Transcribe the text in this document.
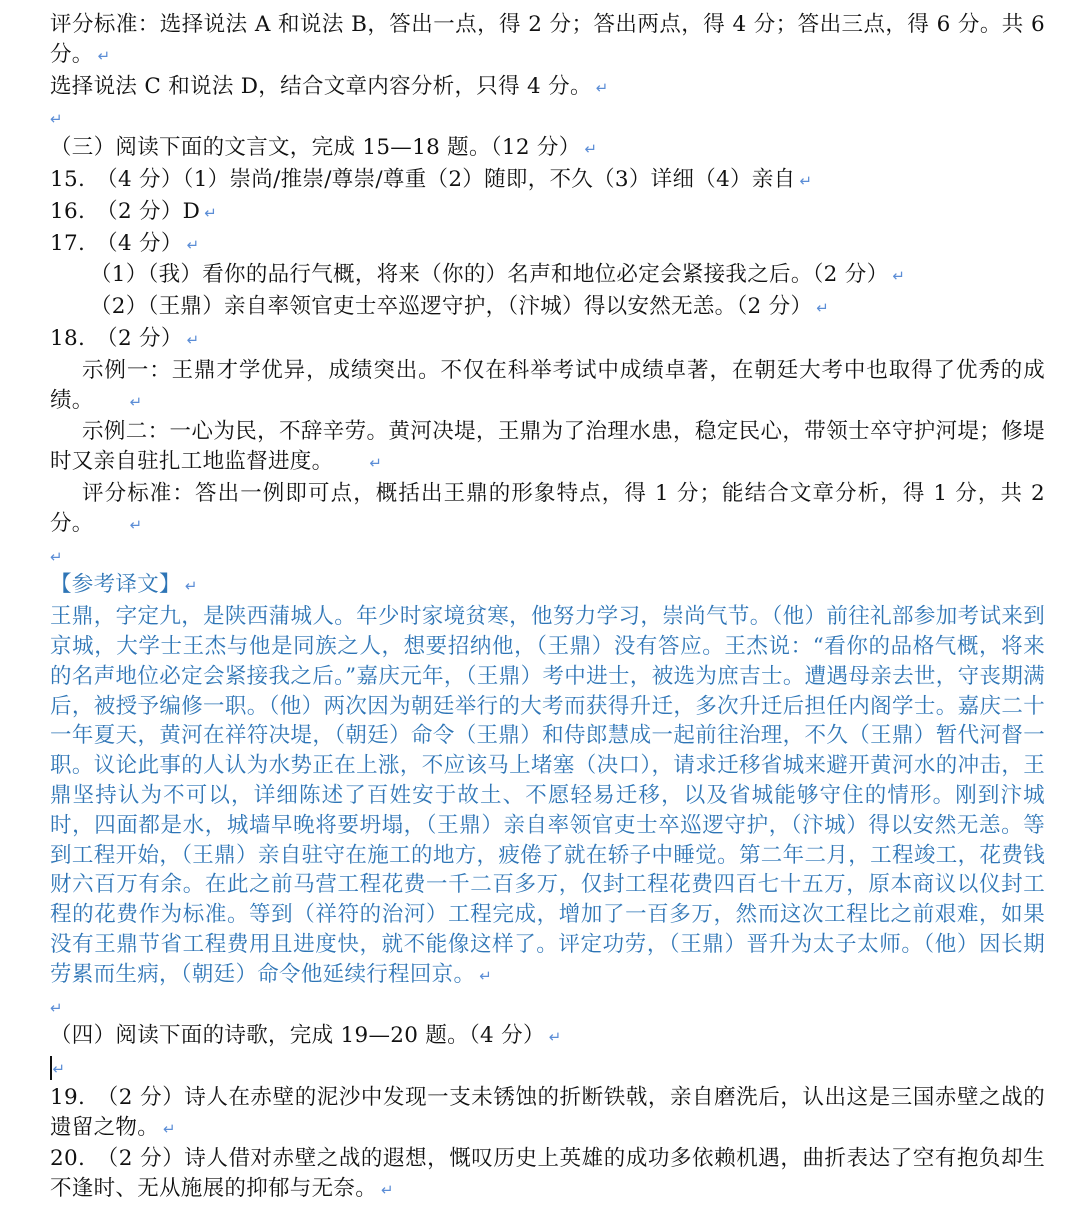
评分标准：选择说法 A 和说法 B，答出一点，得 2 分；答出两点，得 4 分；答出三点，得 6 分。共 6 分。 ↵

选择说法 C 和说法 D，结合文章内容分析，只得 4 分。 ↵

↵

（三）阅读下面的文言文，完成 15—18 题。（12 分） ↵

15.　（4 分）（1）崇尚/推崇/尊崇/尊重（2）随即，不久（3）详细（4）亲自 ↵

16.　（2 分）D ↵

17.　（4 分） ↵

（1）（我）看你的品行气概，将来（你的）名声和地位必定会紧接我之后。（2 分） ↵

（2）（王鼎）亲自率领官吏士卒巡逻守护，（汴城）得以安然无恙。（2 分） ↵

18.　（2 分） ↵

示例一：王鼎才学优异，成绩突出。不仅在科举考试中成绩卓著，在朝廷大考中也取得了优秀的成绩。 ↵

示例二：一心为民，不辞辛劳。黄河决堤，王鼎为了治理水患，稳定民心，带领士卒守护河堤；修堤时又亲自驻扎工地监督进度。 ↵

评分标准：答出一例即可点，概括出王鼎的形象特点，得 1 分；能结合文章分析，得 1 分，共 2 分。 ↵

↵

【参考译文】 ↵

王鼎，字定九，是陕西蒲城人。年少时家境贫寒，他努力学习，崇尚气节。（他）前往礼部参加考试来到京城，大学士王杰与他是同族之人，想要招纳他，（王鼎）没有答应。王杰说：“看你的品格气概，将来的名声地位必定会紧接我之后。”嘉庆元年，（王鼎）考中进士，被选为庶吉士。遭遇母亲去世，守丧期满后，被授予编修一职。（他）两次因为朝廷举行的大考而获得升迁，多次升迁后担任内阁学士。嘉庆二十一年夏天，黄河在祥符决堤，（朝廷）命令（王鼎）和侍郎慧成一起前往治理，不久（王鼎）暂代河督一职。议论此事的人认为水势正在上涨，不应该马上堵塞（决口），请求迁移省城来避开黄河水的冲击，王鼎坚持认为不可以，详细陈述了百姓安于故土、不愿轻易迁移，以及省城能够守住的情形。刚到汴城时，四面都是水，城墙早晚将要坍塌，（王鼎）亲自率领官吏士卒巡逻守护，（汴城）得以安然无恙。等到工程开始，（王鼎）亲自驻守在施工的地方，疲倦了就在轿子中睡觉。第二年二月，工程竣工，花费钱财六百万有余。在此之前马营工程花费一千二百多万，仅封工程花费四百七十五万，原本商议以仪封工程的花费作为标准。等到（祥符的治河）工程完成，增加了一百多万，然而这次工程比之前艰难，如果没有王鼎节省工程费用且进度快，就不能像这样了。评定功劳，（王鼎）晋升为太子太师。（他）因长期劳累而生病，（朝廷）命令他延续行程回京。 ↵

↵

（四）阅读下面的诗歌，完成 19—20 题。（4 分） ↵

↵

19.　（2 分）诗人在赤壁的泥沙中发现一支未锈蚀的折断铁戟，亲自磨洗后，认出这是三国赤壁之战的遗留之物。 ↵

20.　（2 分）诗人借对赤壁之战的遐想，慨叹历史上英雄的成功多依赖机遇，曲折表达了空有抱负却生不逢时、无从施展的抑郁与无奈。 ↵
